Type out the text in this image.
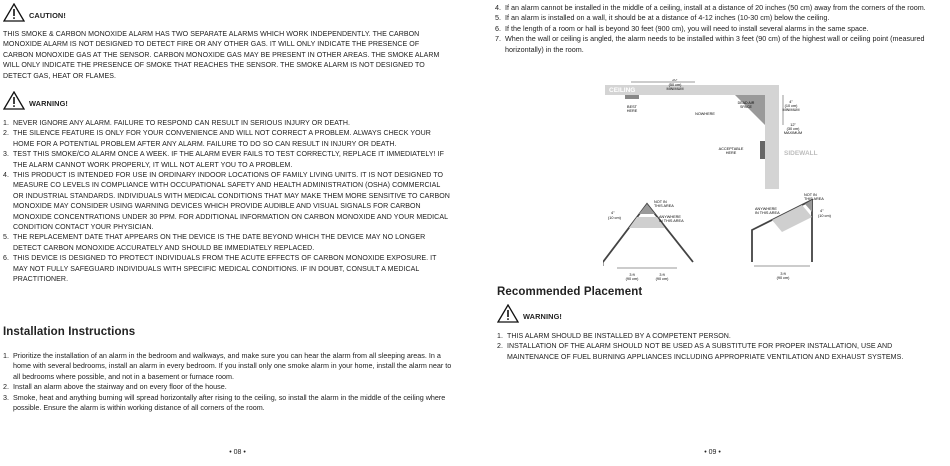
CAUTION!

THIS SMOKE & CARBON MONOXIDE ALARM HAS TWO SEPARATE ALARMS WHICH WORK INDEPENDENTLY. THE CARBON MONOXIDE ALARM IS NOT DESIGNED TO DETECT FIRE OR ANY OTHER GAS. IT WILL ONLY INDICATE THE PRESENCE OF CARBON MONOXIDE GAS AT THE SENSOR. CARBON MONOXIDE GAS MAY BE PRESENT IN OTHER AREAS. THE SMOKE ALARM WILL ONLY INDICATE THE PRESENCE OF SMOKE THAT REACHES THE SENSOR. THE SMOKE ALARM IS NOT DESIGNED TO DETECT GAS, HEAT OR FLAMES.

WARNING!
1. NEVER IGNORE ANY ALARM. FAILURE TO RESPOND CAN RESULT IN SERIOUS INJURY OR DEATH.
2. THE SILENCE FEATURE IS ONLY FOR YOUR CONVENIENCE AND WILL NOT CORRECT A PROBLEM. ALWAYS CHECK YOUR HOME FOR A POTENTIAL PROBLEM AFTER ANY ALARM. FAILURE TO DO SO CAN RESULT IN INJURY OR DEATH.
3. TEST THIS SMOKE/CO ALARM ONCE A WEEK. IF THE ALARM EVER FAILS TO TEST CORRECTLY, REPLACE IT IMMEDIATELY! IF THE ALARM CANNOT WORK PROPERLY, IT WILL NOT ALERT YOU TO A PROBLEM.
4. THIS PRODUCT IS INTENDED FOR USE IN ORDINARY INDOOR LOCATIONS OF FAMILY LIVING UNITS. IT IS NOT DESIGNED TO MEASURE CO LEVELS IN COMPLIANCE WITH OCCUPATIONAL SAFETY AND HEALTH ADMINISTRATION (OSHA) COMMERCIAL OR INDUSTRIAL STANDARDS. INDIVIDUALS WITH MEDICAL CONDITIONS THAT MAY MAKE THEM MORE SENSITIVE TO CARBON MONOXIDE MAY CONSIDER USING WARNING DEVICES WHICH PROVIDE AUDIBLE AND VISUAL SIGNALS FOR CARBON MONOXIDE CONCENTRATIONS UNDER 30 PPM. FOR ADDITIONAL INFORMATION ON CARBON MONOXIDE AND YOUR MEDICAL CONDITION CONTACT YOUR PHYSICIAN.
5. THE REPLACEMENT DATE THAT APPEARS ON THE DEVICE IS THE DATE BEYOND WHICH THE DEVICE MAY NO LONGER DETECT CARBON MONOXIDE ACCURATELY AND SHOULD BE IMMEDIATELY REPLACED.
6. THIS DEVICE IS DESIGNED TO PROTECT INDIVIDUALS FROM THE ACUTE EFFECTS OF CARBON MONOXIDE EXPOSURE. IT MAY NOT FULLY SAFEGUARD INDIVIDUALS WITH SPECIFIC MEDICAL CONDITIONS. IF IN DOUBT, CONSULT A MEDICAL PRACTITIONER.
Installation Instructions
1. Prioritize the installation of an alarm in the bedroom and walkways, and make sure you can hear the alarm from all sleeping areas. In a home with several bedrooms, install an alarm in every bedroom. If you install only one smoke alarm in your home, install the alarm near to all bedrooms where possible, and not in a basement or furnace room.
2. Install an alarm above the stairway and on every floor of the house.
3. Smoke, heat and anything burning will spread horizontally after rising to the ceiling, so install the alarm in the middle of the ceiling where possible. Ensure the alarm is within working distance of all corners of the room.
• 08 •
4. If an alarm cannot be installed in the middle of a ceiling, install at a distance of 20 inches (50 cm) away from the corners of the room.
5. If an alarm is installed on a wall, it should be at a distance of 4-12 inches (10-30 cm) below the ceiling.
6. If the length of a room or hall is beyond 30 feet (900 cm), you will need to install several alarms in the same space.
7. When the wall or ceiling is angled, the alarm needs to be installed within 3 feet (90 cm) of the highest wall or ceiling point (measured horizontally) in the room.
CEILING
SIDEWALL
20"
(50 cm)
MINIMUM
BEST
HERE
DEAD AIR
SPACE
NOWHERE
4"
(10 cm)
MINIMUM
12"
(30 cm)
MAXIMUM
ACCEPTABLE
HERE
4"
(10 cm)
NOT IN
THIS AREA
ANYWHERE
IN THIS AREA
3 ft
(90 cm)
3 ft
(90 cm)
NOT IN
THIS AREA
ANYWHERE
IN THIS AREA	4"
(10 cm)
3 ft
(90 cm)
Recommended Placement
WARNING!
1. THIS ALARM SHOULD BE INSTALLED BY A COMPETENT PERSON.
2. INSTALLATION OF THE ALARM SHOULD NOT BE USED AS A SUBSTITUTE FOR PROPER INSTALLATION, USE AND MAINTENANCE OF FUEL BURNING APPLIANCES INCLUDING APPROPRIATE VENTILATION AND EXHAUST SYSTEMS.
• 09 •
